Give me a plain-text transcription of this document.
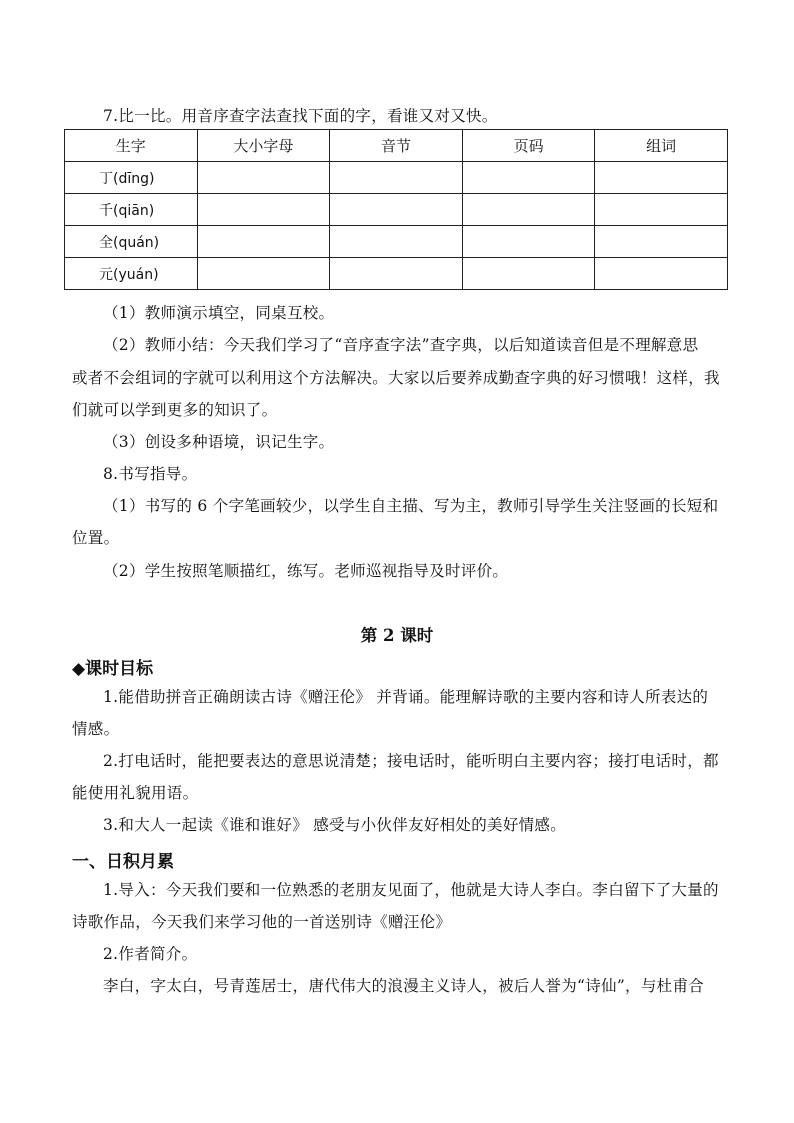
7.比一比。用音序查字法查找下面的字，看谁又对又快。
生字	大小字母	音节	页码	组词
丁(dīng)				
千(qiān)				
全(quán)				
元(yuán)				
（1）教师演示填空，同桌互校。
（2）教师小结：今天我们学习了“音序查字法”查字典，以后知道读音但是不理解意思
或者不会组词的字就可以利用这个方法解决。大家以后要养成勤查字典的好习惯哦！这样，我
们就可以学到更多的知识了。
（3）创设多种语境，识记生字。
8.书写指导。
（1）书写的 6 个字笔画较少，以学生自主描、写为主，教师引导学生关注竖画的长短和
位置。
（2）学生按照笔顺描红，练写。老师巡视指导及时评价。
第 2 课时
◆课时目标
1.能借助拼音正确朗读古诗《赠汪伦》 并背诵。能理解诗歌的主要内容和诗人所表达的
情感。
2.打电话时，能把要表达的意思说清楚；接电话时，能听明白主要内容；接打电话时，都
能使用礼貌用语。
3.和大人一起读《谁和谁好》 感受与小伙伴友好相处的美好情感。
一、日积月累
1.导入：今天我们要和一位熟悉的老朋友见面了，他就是大诗人李白。李白留下了大量的
诗歌作品，今天我们来学习他的一首送别诗《赠汪伦》
2.作者简介。
李白，字太白，号青莲居士，唐代伟大的浪漫主义诗人，被后人誉为“诗仙”，与杜甫合
